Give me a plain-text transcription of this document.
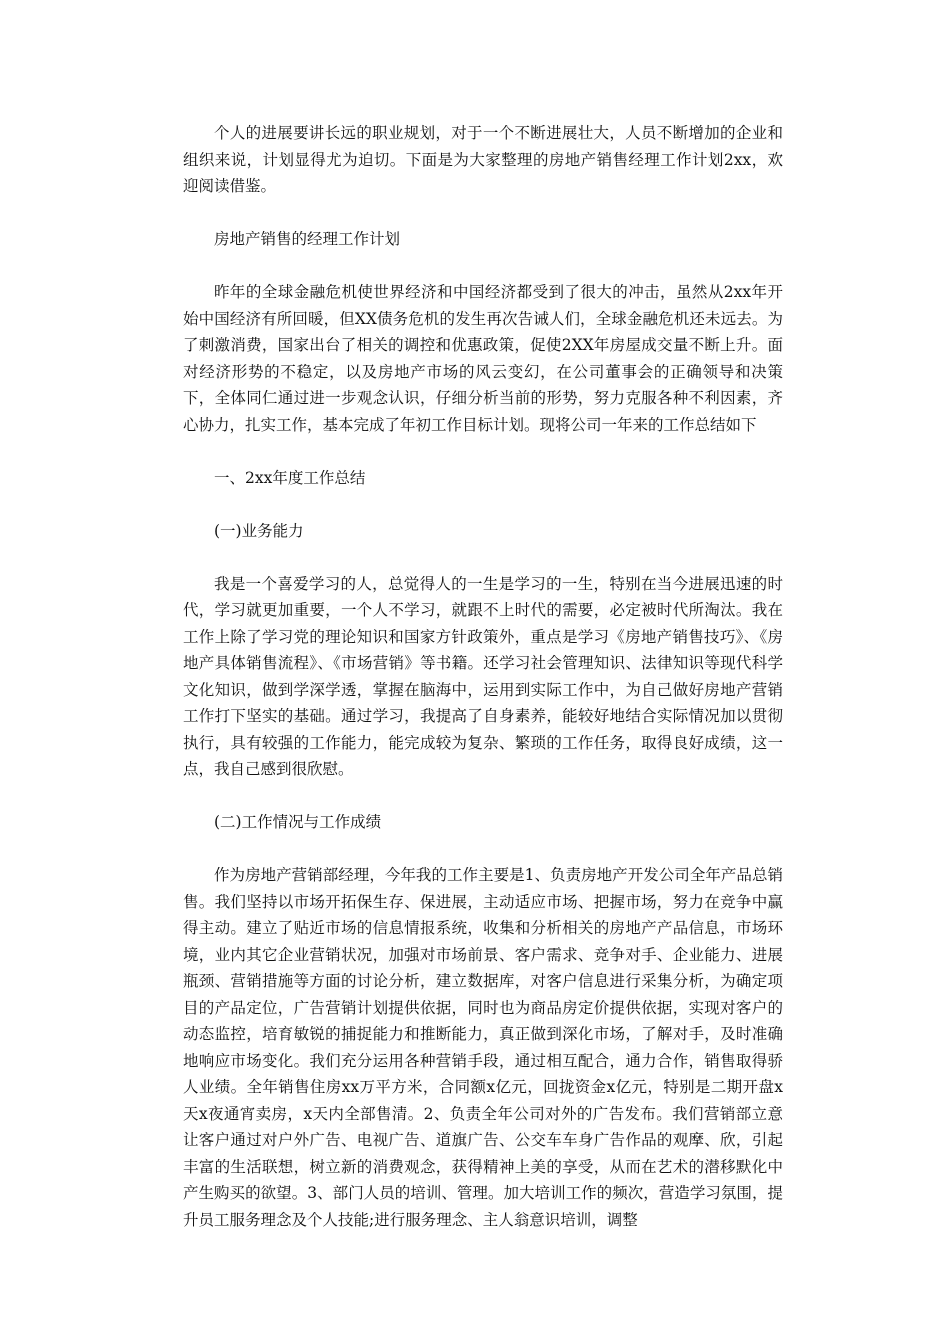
个人的进展要讲长远的职业规划，对于一个不断进展壮大，人员不断增加的企业和组织来说，计划显得尤为迫切。下面是为大家整理的房地产销售经理工作计划2xx，欢迎阅读借鉴。

房地产销售的经理工作计划

昨年的全球金融危机使世界经济和中国经济都受到了很大的冲击，虽然从2xx年开始中国经济有所回暖，但XX债务危机的发生再次告诫人们，全球金融危机还未远去。为了刺激消费，国家出台了相关的调控和优惠政策，促使2XX年房屋成交量不断上升。面对经济形势的不稳定，以及房地产市场的风云变幻，在公司董事会的正确领导和决策下，全体同仁通过进一步观念认识，仔细分析当前的形势，努力克服各种不利因素，齐心协力，扎实工作，基本完成了年初工作目标计划。现将公司一年来的工作总结如下

一、2xx年度工作总结

(一)业务能力

我是一个喜爱学习的人，总觉得人的一生是学习的一生，特别在当今进展迅速的时代，学习就更加重要，一个人不学习，就跟不上时代的需要，必定被时代所淘汰。我在工作上除了学习党的理论知识和国家方针政策外，重点是学习《房地产销售技巧》、《房地产具体销售流程》、《市场营销》等书籍。还学习社会管理知识、法律知识等现代科学文化知识，做到学深学透，掌握在脑海中，运用到实际工作中，为自己做好房地产营销工作打下坚实的基础。通过学习，我提高了自身素养，能较好地结合实际情况加以贯彻执行，具有较强的工作能力，能完成较为复杂、繁琐的工作任务，取得良好成绩，这一点，我自己感到很欣慰。

(二)工作情况与工作成绩

作为房地产营销部经理，今年我的工作主要是1、负责房地产开发公司全年产品总销售。我们坚持以市场开拓保生存、保进展，主动适应市场、把握市场，努力在竞争中赢得主动。建立了贴近市场的信息情报系统，收集和分析相关的房地产产品信息，市场环境，业内其它企业营销状况，加强对市场前景、客户需求、竞争对手、企业能力、进展瓶颈、营销措施等方面的讨论分析，建立数据库，对客户信息进行采集分析，为确定项目的产品定位，广告营销计划提供依据，同时也为商品房定价提供依据，实现对客户的动态监控，培育敏锐的捕捉能力和推断能力，真正做到深化市场，了解对手，及时准确地响应市场变化。我们充分运用各种营销手段，通过相互配合，通力合作，销售取得骄人业绩。全年销售住房xx万平方米，合同额x亿元，回拢资金x亿元，特别是二期开盘x天x夜通宵卖房，x天内全部售清。2、负责全年公司对外的广告发布。我们营销部立意让客户通过对户外广告、电视广告、道旗广告、公交车车身广告作品的观摩、欣，引起丰富的生活联想，树立新的消费观念，获得精神上美的享受，从而在艺术的潜移默化中产生购买的欲望。3、部门人员的培训、管理。加大培训工作的频次，营造学习氛围，提升员工服务理念及个人技能;进行服务理念、主人翁意识培训，调整
